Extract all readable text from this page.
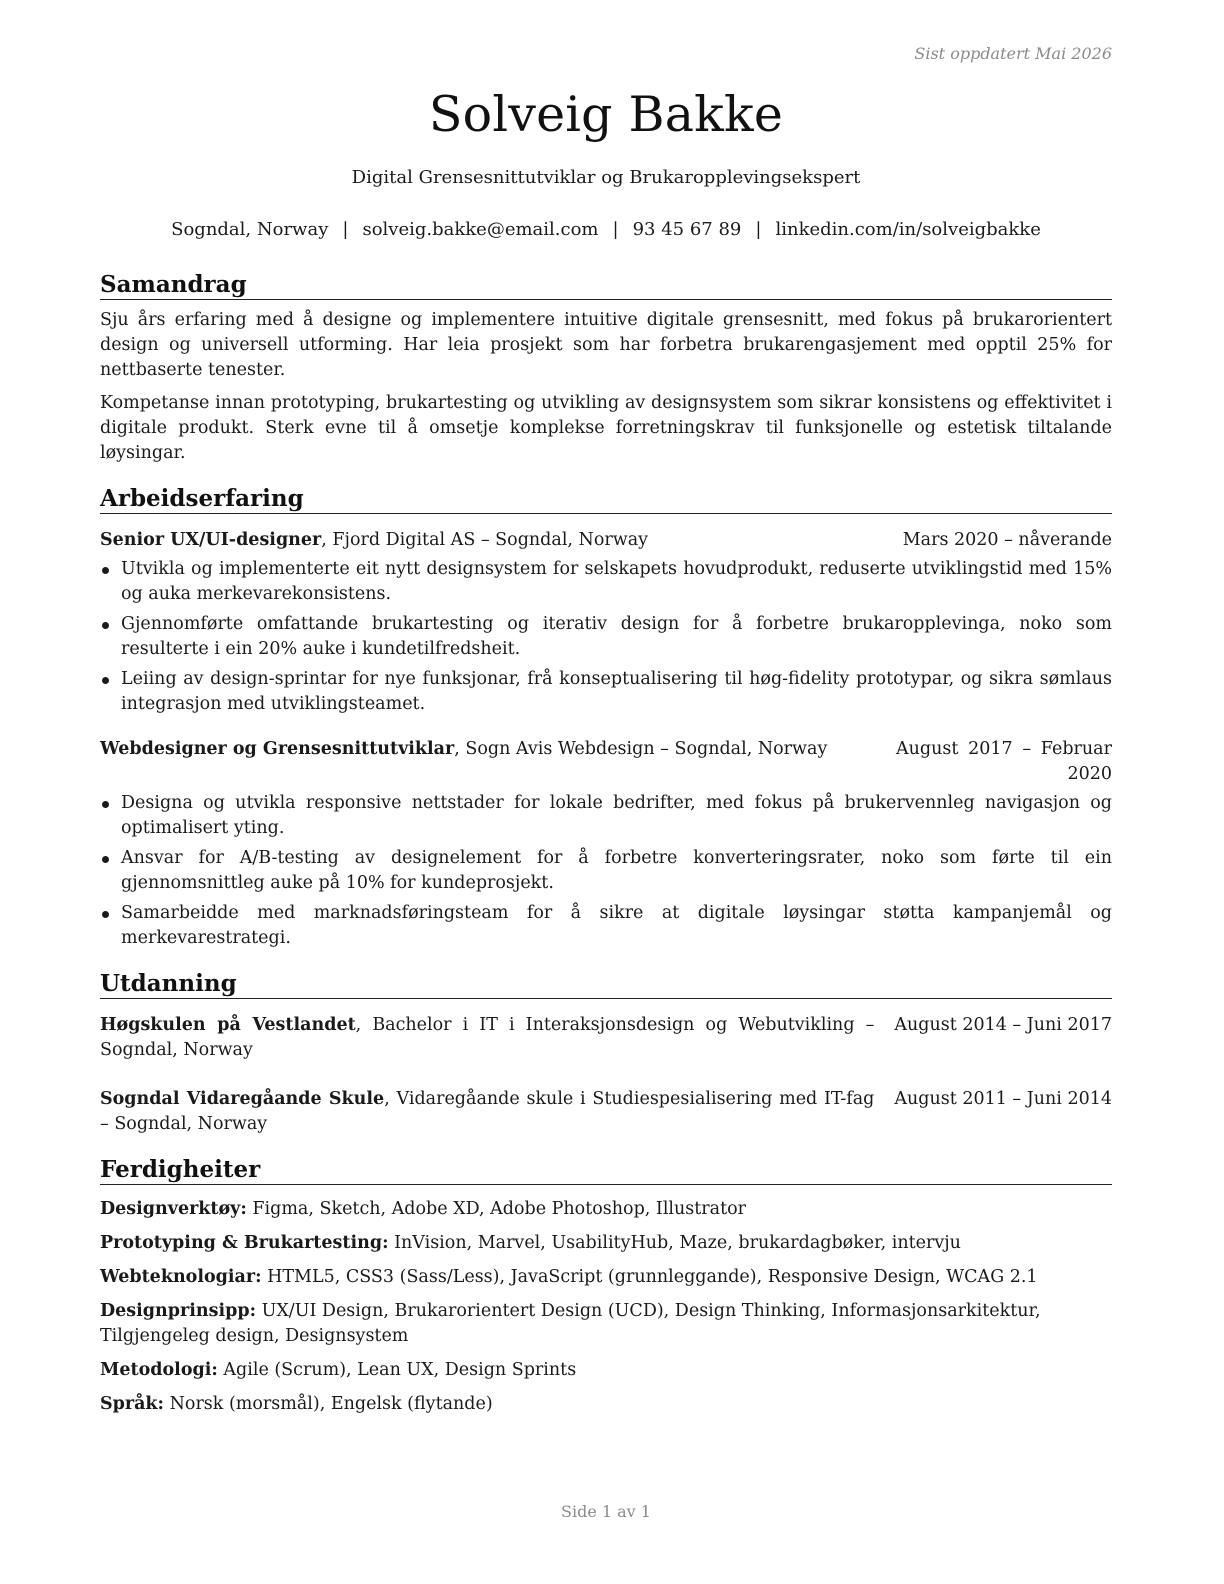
Sist oppdatert Mai 2026
Solveig Bakke
Digital Grensesnittutviklar og Brukaropplevingsekspert
Sogndal, Norway | solveig.bakke@email.com | 93 45 67 89 | linkedin.com/in/solveigbakke
Samandrag

Sju års erfaring med å designe og implementere intuitive digitale grensesnitt, med fokus på brukarorientert design og universell utforming. Har leia prosjekt som har forbetra brukarengasjement med opptil 25% for nettbaserte tenester.

Kompetanse innan prototyping, brukartesting og utvikling av designsystem som sikrar konsistens og effektivitet i digitale produkt. Sterk evne til å omsetje komplekse forretningskrav til funksjonelle og estetisk tiltalande løysingar.

Arbeidserfaring
Senior UX/UI-designer, Fjord Digital AS – Sogndal, Norway	Mars 2020 – nåverande
Utvikla og implementerte eit nytt designsystem for selskapets hovudprodukt, reduserte utviklingstid med 15% og auka merkevarekonsistens.
Gjennomførte omfattande brukartesting og iterativ design for å forbetre brukaropplevinga, noko som resulterte i ein 20% auke i kundetilfredsheit.
Leiing av design-sprintar for nye funksjonar, frå konseptualisering til høg-fidelity prototypar, og sikra sømlaus integrasjon med utviklingsteamet.
Webdesigner og Grensesnittutviklar, Sogn Avis Webdesign – Sogndal, Norway	August 2017 – Februar 2020
Designa og utvikla responsive nettstader for lokale bedrifter, med fokus på brukervennleg navigasjon og optimalisert yting.
Ansvar for A/B-testing av designelement for å forbetre konverteringsrater, noko som førte til ein gjennomsnittleg auke på 10% for kundeprosjekt.
Samarbeidde med marknadsføringsteam for å sikre at digitale løysingar støtta kampanjemål og merkevarestrategi.
Utdanning
Høgskulen på Vestlandet, Bachelor i IT i Interaksjonsdesign og Webutvikling – Sogndal, Norway
August 2014 – Juni 2017
Sogndal Vidaregåande Skule, Vidaregåande skule i Studiespesialisering med IT-fag – Sogndal, Norway
August 2011 – Juni 2014
Ferdigheiter
Designverktøy: Figma, Sketch, Adobe XD, Adobe Photoshop, Illustrator
Prototyping & Brukartesting: InVision, Marvel, UsabilityHub, Maze, brukardagbøker, intervju
Webteknologiar: HTML5, CSS3 (Sass/Less), JavaScript (grunnleggande), Responsive Design, WCAG 2.1
Designprinsipp: UX/UI Design, Brukarorientert Design (UCD), Design Thinking, Informasjonsarkitektur, Tilgjengeleg design, Designsystem
Metodologi: Agile (Scrum), Lean UX, Design Sprints
Språk: Norsk (morsmål), Engelsk (flytande)
Side 1 av 1
